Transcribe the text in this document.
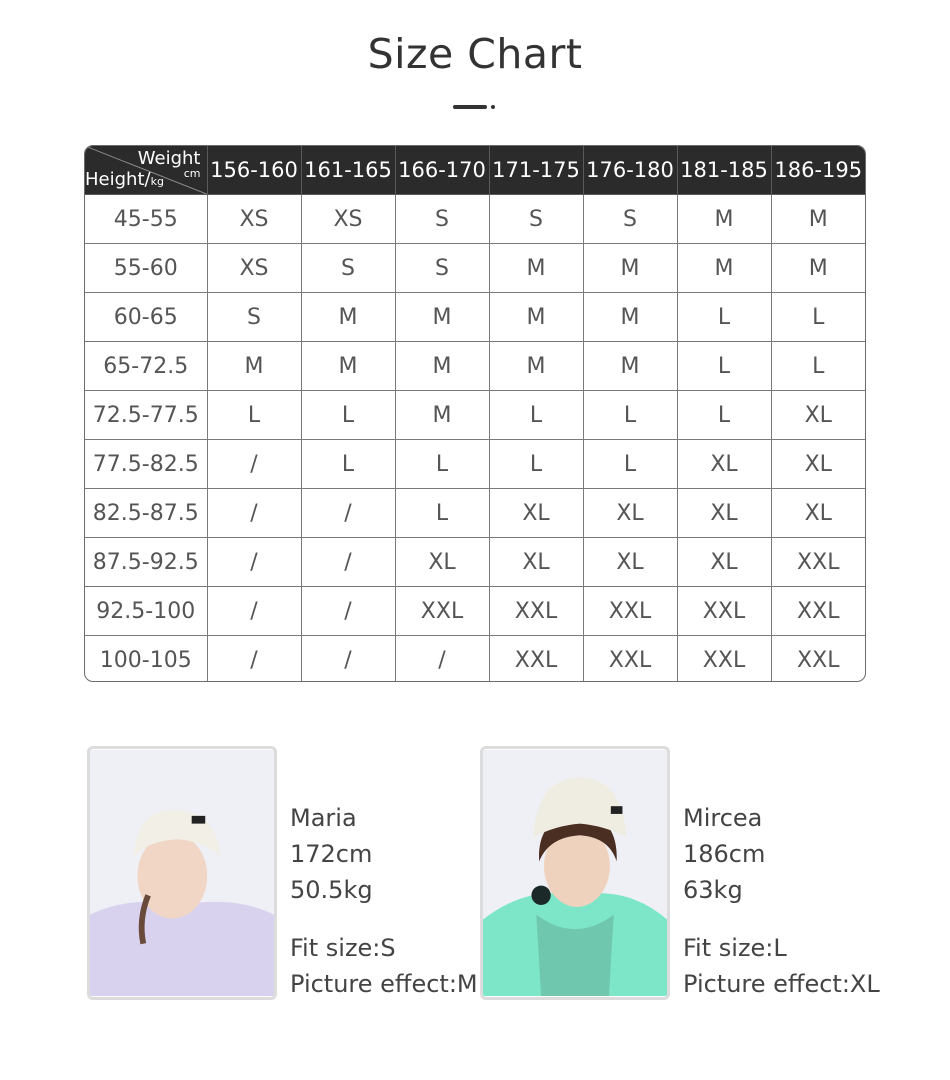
Size Chart
Weight
cm
Height/kg	156-160	161-165	166-170	171-175	176-180	181-185	186-195
45-55	XS	XS	S	S	S	M	M
55-60	XS	S	S	M	M	M	M
60-65	S	M	M	M	M	L	L
65-72.5	M	M	M	M	M	L	L
72.5-77.5	L	L	M	L	L	L	XL
77.5-82.5	/	L	L	L	L	XL	XL
82.5-87.5	/	/	L	XL	XL	XL	XL
87.5-92.5	/	/	XL	XL	XL	XL	XXL
92.5-100	/	/	XXL	XXL	XXL	XXL	XXL
100-105	/	/	/	XXL	XXL	XXL	XXL
Maria
172cm
50.5kg
Fit size:S
Picture effect:M
Mircea
186cm
63kg
Fit size:L
Picture effect:XL
